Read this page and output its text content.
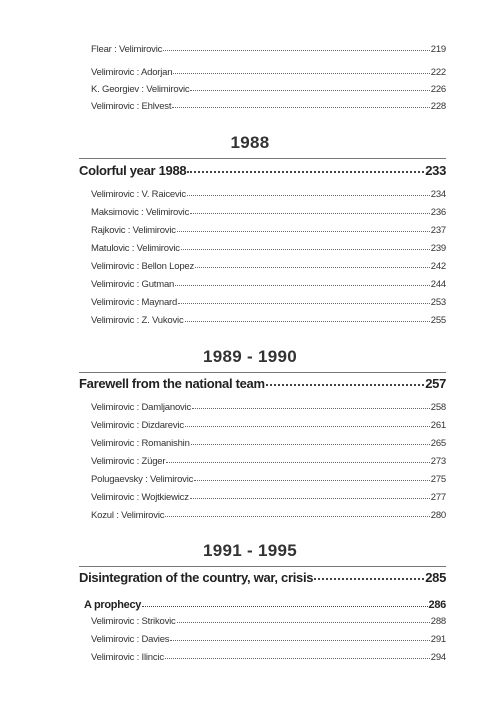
Flear : Velimirovic	219
Velimirovic : Adorjan	222
K. Georgiev : Velimirovic	226
Velimirovic : Ehlvest	228
1988
Colorful year 1988	233
Velimirovic : V. Raicevic	234
Maksimovic : Velimirovic	236
Rajkovic : Velimirovic	237
Matulovic : Velimirovic	239
Velimirovic : Bellon Lopez	242
Velimirovic : Gutman	244
Velimirovic : Maynard	253
Velimirovic : Z. Vukovic	255
1989 - 1990
Farewell from the national team	257
Velimirovic : Damljanovic	258
Velimirovic : Dizdarevic	261
Velimirovic : Romanishin	265
Velimirovic : Züger	273
Polugaevsky : Velimirovic	275
Velimirovic : Wojtkiewicz	277
Kozul : Velimirovic	280
1991 - 1995
Disintegration of the country, war, crisis	285
A prophecy	286
Velimirovic : Strikovic	288
Velimirovic : Davies	291
Velimirovic : Ilincic	294
